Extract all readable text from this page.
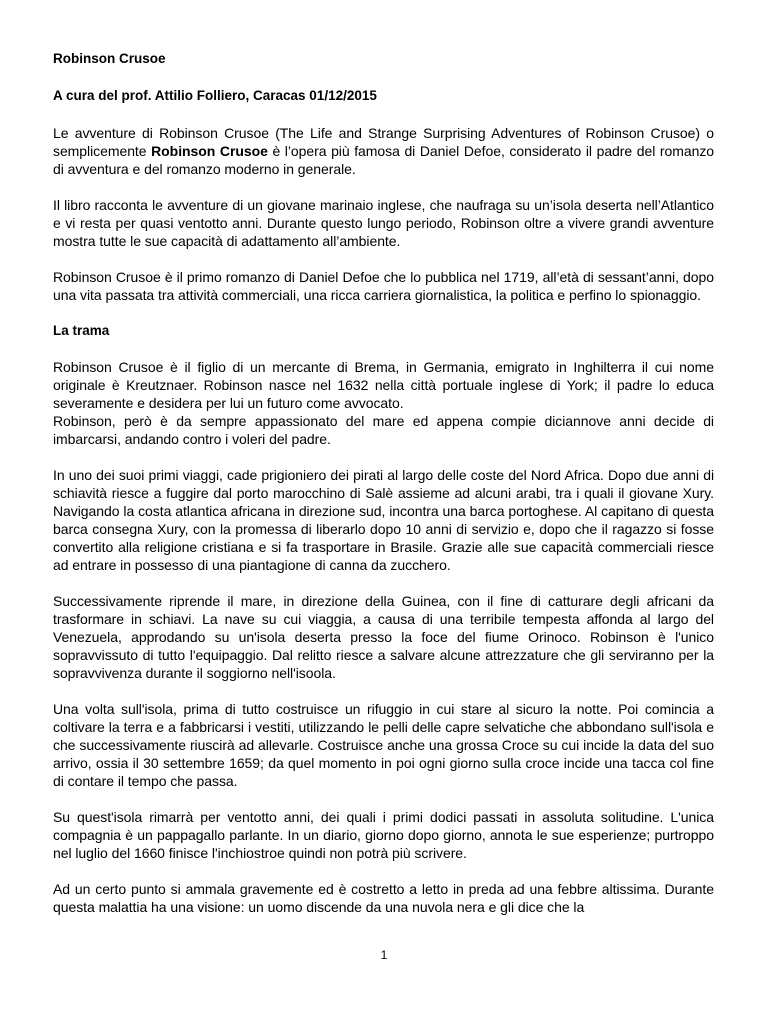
Robinson Crusoe
A cura del prof. Attilio Folliero, Caracas 01/12/2015

Le avventure di Robinson Crusoe (The Life and Strange Surprising Adventures of Robinson Crusoe) o semplicemente Robinson Crusoe è l’opera più famosa di Daniel Defoe, considerato il padre del romanzo di avventura e del romanzo moderno in generale.

Il libro racconta le avventure di un giovane marinaio inglese, che naufraga su un’isola deserta nell’Atlantico e vi resta per quasi ventotto anni. Durante questo lungo periodo, Robinson oltre a vivere grandi avventure mostra tutte le sue capacità di adattamento all’ambiente.

Robinson Crusoe è il primo romanzo di Daniel Defoe che lo pubblica nel 1719, all’età di sessant’anni, dopo una vita passata tra attività commerciali, una ricca carriera giornalistica, la politica e perfino lo spionaggio.

La trama

Robinson Crusoe è il figlio di un mercante di Brema, in Germania, emigrato in Inghilterra il cui nome originale è Kreutznaer. Robinson nasce nel 1632 nella città portuale inglese di York; il padre lo educa severamente e desidera per lui un futuro come avvocato.
Robinson, però è da sempre appassionato del mare ed appena compie diciannove anni decide di imbarcarsi, andando contro i voleri del padre.

In uno dei suoi primi viaggi, cade prigioniero dei pirati al largo delle coste del Nord Africa. Dopo due anni di schiavità riesce a fuggire dal porto marocchino di Salè assieme ad alcuni arabi, tra i quali il giovane Xury. Navigando la costa atlantica africana in direzione sud, incontra una barca portoghese. Al capitano di questa barca consegna Xury, con la promessa di liberarlo dopo 10 anni di servizio e, dopo che il ragazzo si fosse convertito alla religione cristiana e si fa trasportare in Brasile. Grazie alle sue capacità commerciali riesce ad entrare in possesso di una piantagione di canna da zucchero.

Successivamente riprende il mare, in direzione della Guinea, con il fine di catturare degli africani da trasformare in schiavi. La nave su cui viaggia, a causa di una terribile tempesta affonda al largo del Venezuela, approdando su un'isola deserta presso la foce del fiume Orinoco. Robinson è l'unico sopravvissuto di tutto l'equipaggio. Dal relitto riesce a salvare alcune attrezzature che gli serviranno per la sopravvivenza durante il soggiorno nell'isoola.

Una volta sull'isola, prima di tutto costruisce un rifuggio in cui stare al sicuro la notte. Poi comincia a coltivare la terra e a fabbricarsi i vestiti, utilizzando le pelli delle capre selvatiche che abbondano sull'isola e che successivamente riuscirà ad allevarle. Costruisce anche una grossa Croce su cui incide la data del suo arrivo, ossia il 30 settembre 1659; da quel momento in poi ogni giorno sulla croce incide una tacca col fine di contare il tempo che passa.

Su quest'isola rimarrà per ventotto anni, dei quali i primi dodici passati in assoluta solitudine. L'unica compagnia è un pappagallo parlante. In un diario, giorno dopo giorno, annota le sue esperienze; purtroppo nel luglio del 1660 finisce l'inchiostroe quindi non potrà più scrivere.

Ad un certo punto si ammala gravemente ed è costretto a letto in preda ad una febbre altissima. Durante questa malattia ha una visione: un uomo discende da una nuvola nera e gli dice che la

1
